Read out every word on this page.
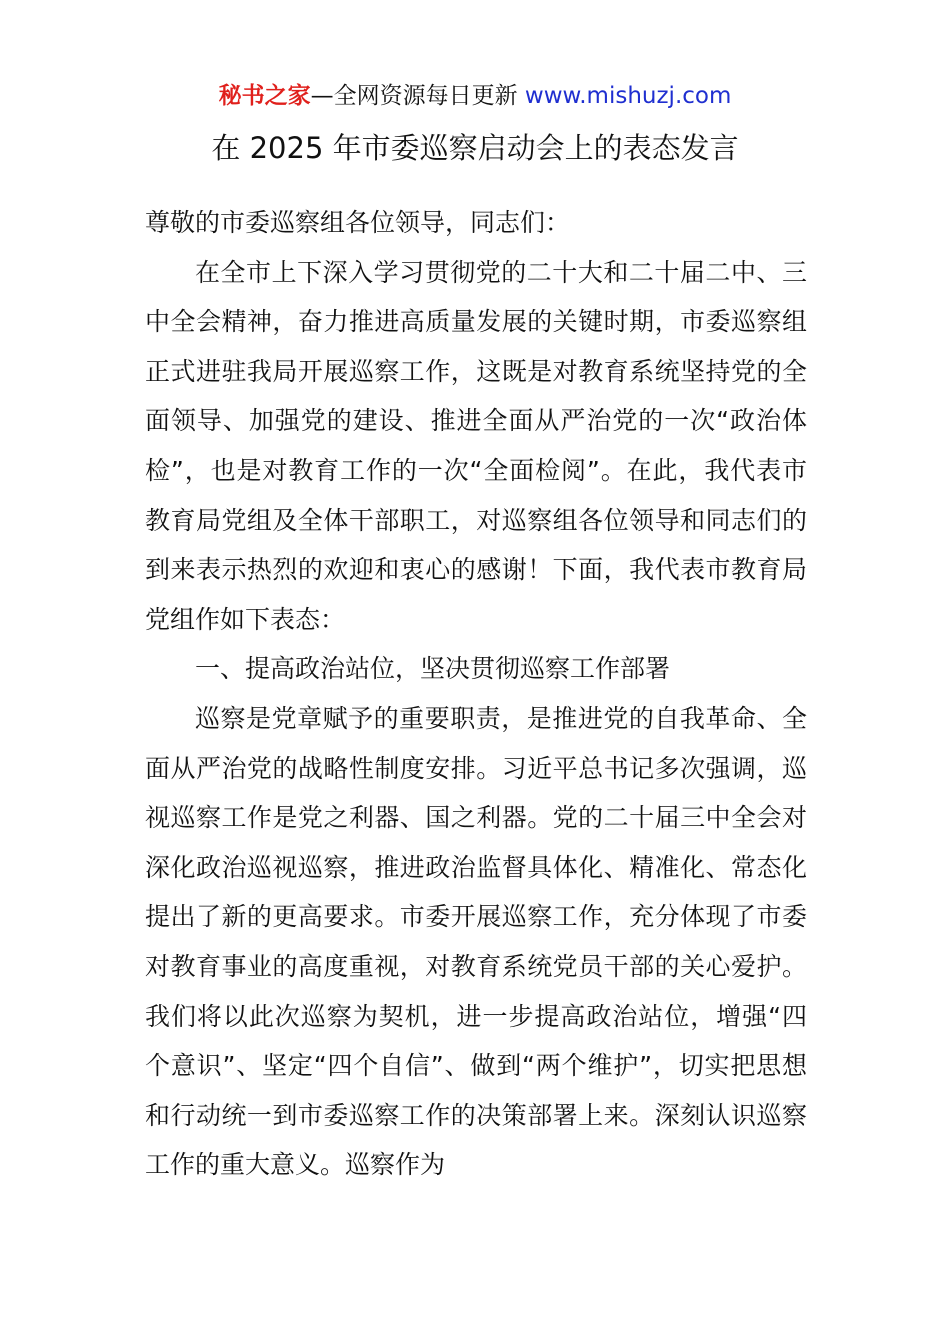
秘书之家—全网资源每日更新 www.mishuzj.com
在 2025 年市委巡察启动会上的表态发言

尊敬的市委巡察组各位领导，同志们：

在全市上下深入学习贯彻党的二十大和二十届二中、三中全会精神，奋力推进高质量发展的关键时期，市委巡察组正式进驻我局开展巡察工作，这既是对教育系统坚持党的全面领导、加强党的建设、推进全面从严治党的一次“政治体检”，也是对教育工作的一次“全面检阅”。在此，我代表市教育局党组及全体干部职工，对巡察组各位领导和同志们的到来表示热烈的欢迎和衷心的感谢！下面，我代表市教育局党组作如下表态：

一、提高政治站位，坚决贯彻巡察工作部署

巡察是党章赋予的重要职责，是推进党的自我革命、全面从严治党的战略性制度安排。习近平总书记多次强调，巡视巡察工作是党之利器、国之利器。党的二十届三中全会对深化政治巡视巡察，推进政治监督具体化、精准化、常态化提出了新的更高要求。市委开展巡察工作，充分体现了市委对教育事业的高度重视，对教育系统党员干部的关心爱护。我们将以此次巡察为契机，进一步提高政治站位，增强“四个意识”、坚定“四个自信”、做到“两个维护”，切实把思想和行动统一到市委巡察工作的决策部署上来。深刻认识巡察工作的重大意义。巡察作为
